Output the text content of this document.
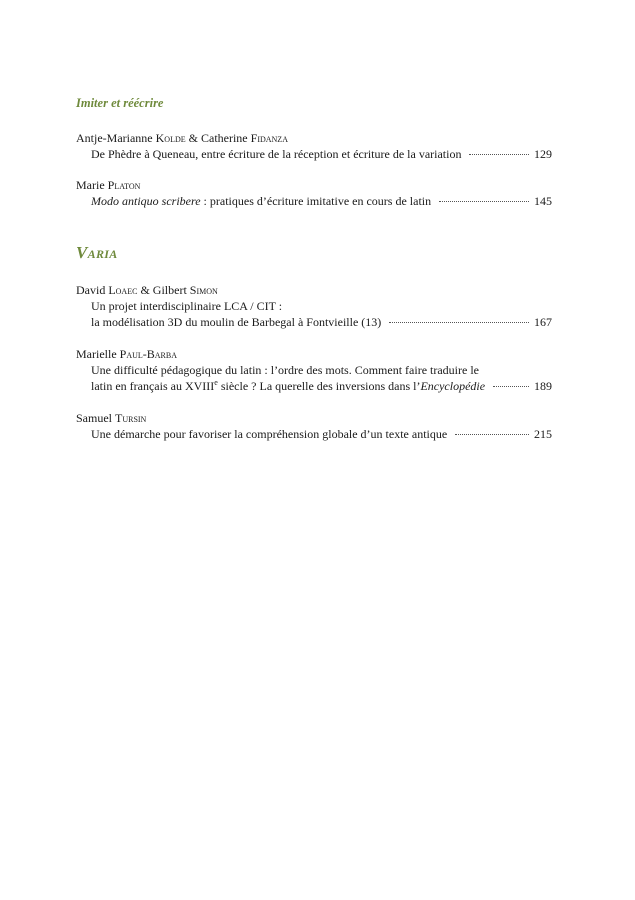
Imiter et réécrire
Antje-Marianne Kolde & Catherine Fidanza
De Phèdre à Queneau, entre écriture de la réception et écriture de la variation	129
Marie Platon
Modo antiquo scribere : pratiques d’écriture imitative en cours de latin	145
Varia
David Loaec & Gilbert Simon
Un projet interdisciplinaire LCA / CIT :
la modélisation 3D du moulin de Barbegal à Fontvieille (13)	167
Marielle Paul-Barba
Une difficulté pédagogique du latin : l’ordre des mots. Comment faire traduire le
latin en français au XVIIIe siècle ? La querelle des inversions dans l’Encyclopédie	189
Samuel Tursin
Une démarche pour favoriser la compréhension globale d’un texte antique	215
